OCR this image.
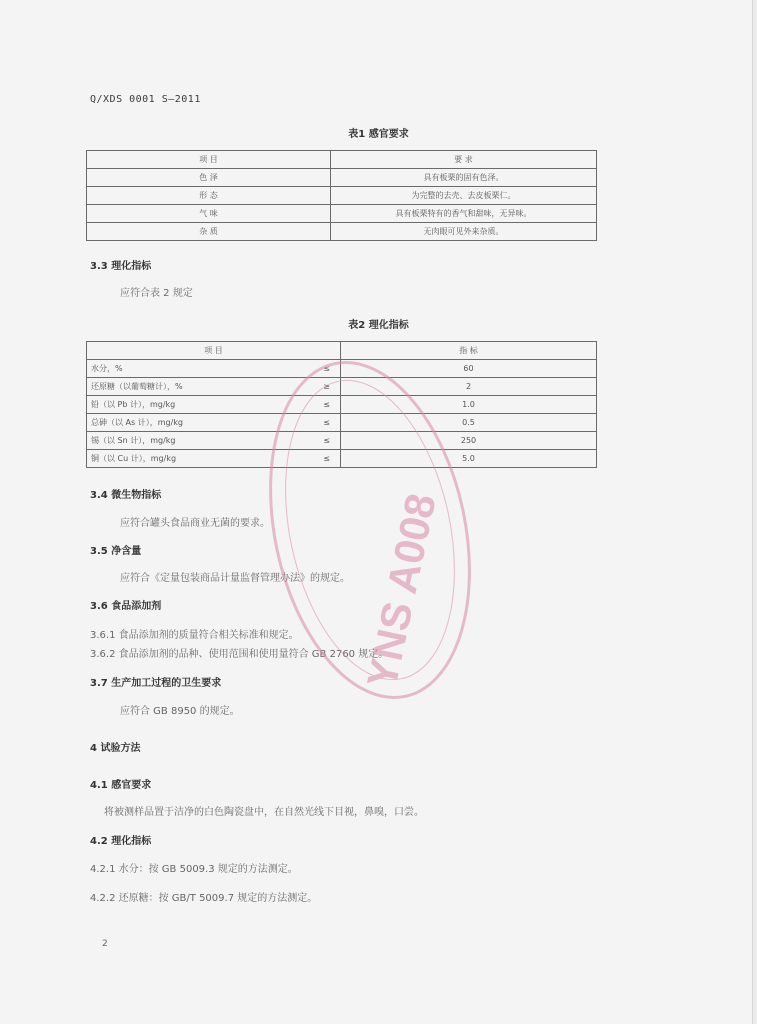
Q/XDS 0001 S—2011
表1 感官要求
项 目	要 求
色 泽	具有板栗的固有色泽。
形 态	为完整的去壳、去皮板栗仁。
气 味	具有板栗特有的香气和甜味，无异味。
杂 质	无肉眼可见外来杂质。
3.3 理化指标
应符合表 2 规定
表2 理化指标
项 目		指 标
水分，%	≤	60
还原糖（以葡萄糖计），%	≥	2
铅（以 Pb 计），mg/kg	≤	1.0
总砷（以 As 计），mg/kg	≤	0.5
锡（以 Sn 计），mg/kg	≤	250
铜（以 Cu 计），mg/kg	≤	5.0
3.4 微生物指标
应符合罐头食品商业无菌的要求。
3.5 净含量
应符合《定量包装商品计量监督管理办法》的规定。
3.6 食品添加剂
3.6.1 食品添加剂的质量符合相关标准和规定。
3.6.2 食品添加剂的品种、使用范围和使用量符合 GB 2760 规定。
3.7 生产加工过程的卫生要求
应符合 GB 8950 的规定。
4 试验方法
4.1 感官要求
将被测样品置于洁净的白色陶瓷盘中，在自然光线下目视，鼻嗅，口尝。
4.2 理化指标
4.2.1 水分：按 GB 5009.3 规定的方法测定。
4.2.2 还原糖：按 GB/T 5009.7 规定的方法测定。
2
YNS A008
